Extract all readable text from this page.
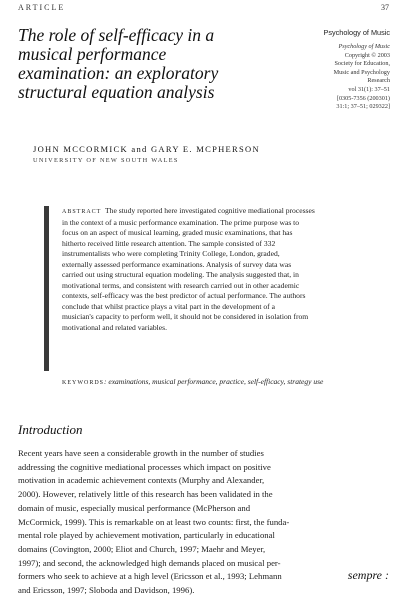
ARTICLE	37
The role of self-efficacy in a
musical performance
examination: an exploratory
structural equation analysis
Psychology of Music
Psychology of Music
Copyright © 2003
Society for Education,
Music and Psychology
Research
vol 31(1): 37–51
[0305-7356 (200301)
31:1; 37–51; 029322]
JOHN MCCORMICK and GARY E. MCPHERSON
UNIVERSITY OF NEW SOUTH WALES
ABSTRACT The study reported here investigated cognitive mediational processes
in the context of a music performance examination. The prime purpose was to
focus on an aspect of musical learning, graded music examinations, that has
hitherto received little research attention. The sample consisted of 332
instrumentalists who were completing Trinity College, London, graded,
externally assessed performance examinations. Analysis of survey data was
carried out using structural equation modeling. The analysis suggested that, in
motivational terms, and consistent with research carried out in other academic
contexts, self-efficacy was the best predictor of actual performance. The authors
conclude that whilst practice plays a vital part in the development of a
musician's capacity to perform well, it should not be considered in isolation from
motivational and related variables.
KEYWORDS: examinations, musical performance, practice, self-efficacy, strategy use
Introduction
Recent years have seen a considerable growth in the number of studies
addressing the cognitive mediational processes which impact on positive
motivation in academic achievement contexts (Murphy and Alexander,
2000). However, relatively little of this research has been validated in the
domain of music, especially musical performance (McPherson and
McCormick, 1999). This is remarkable on at least two counts: first, the funda-
mental role played by achievement motivation, particularly in educational
domains (Covington, 2000; Eliot and Church, 1997; Maehr and Meyer,
1997); and second, the acknowledged high demands placed on musical per-
formers who seek to achieve at a high level (Ericsson et al., 1993; Lehmann
and Ericsson, 1997; Sloboda and Davidson, 1996).
sempre :
